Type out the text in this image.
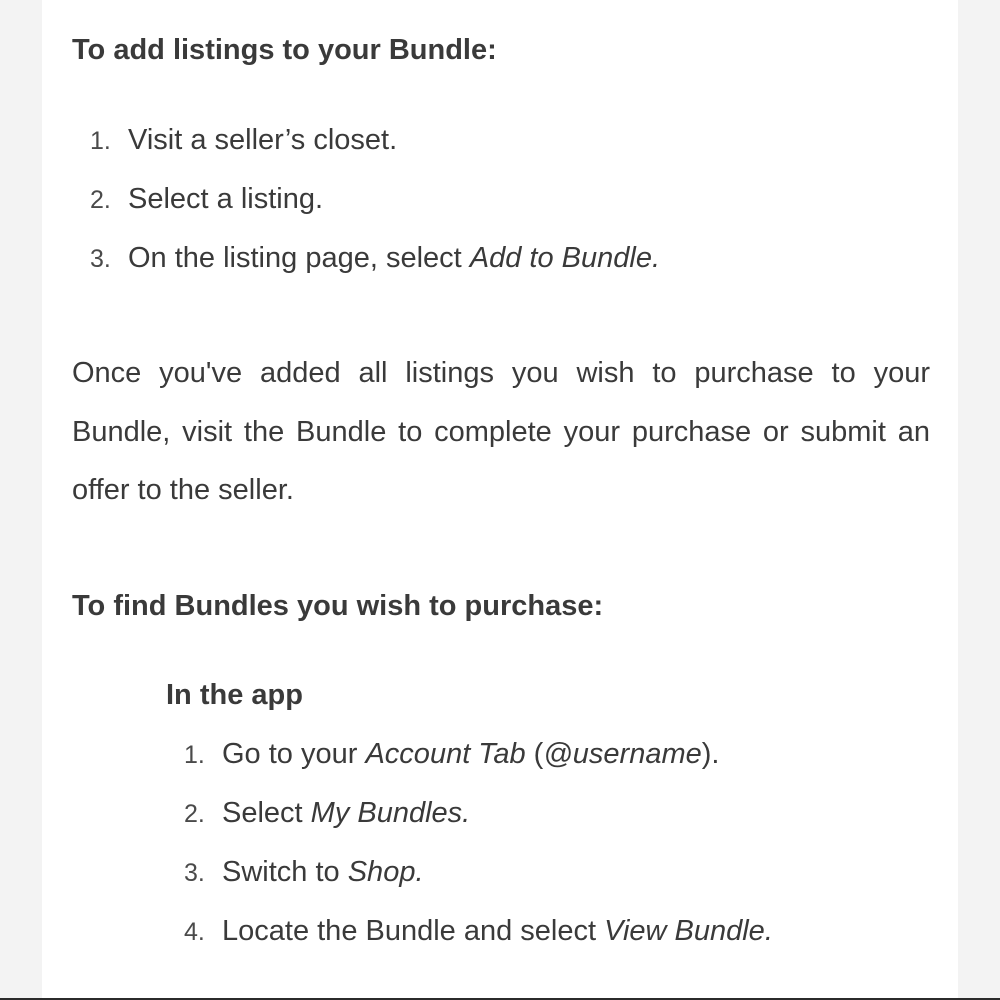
To add listings to your Bundle:
1. Visit a seller’s closet.
2. Select a listing.
3. On the listing page, select Add to Bundle.

Once you've added all listings you wish to purchase to your Bundle, visit the Bundle to complete your purchase or submit an offer to the seller.

To find Bundles you wish to purchase:
In the app
1. Go to your Account Tab (@username).
2. Select My Bundles.
3. Switch to Shop.
4. Locate the Bundle and select View Bundle.
